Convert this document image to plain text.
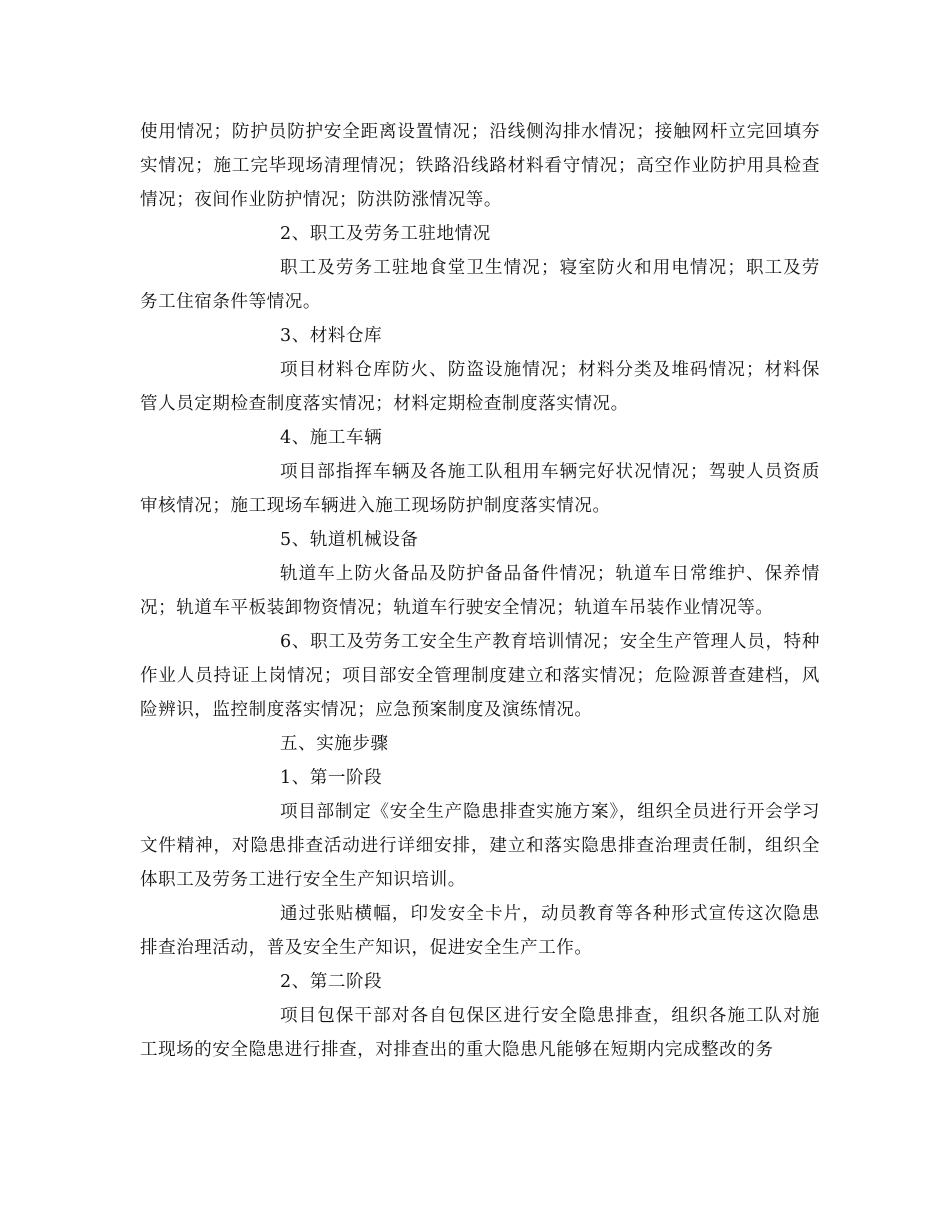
使用情况；防护员防护安全距离设置情况；沿线侧沟排水情况；接触网杆立完回填夯实情况；施工完毕现场清理情况；铁路沿线路材料看守情况；高空作业防护用具检查情况；夜间作业防护情况；防洪防涨情况等。

2、职工及劳务工驻地情况

职工及劳务工驻地食堂卫生情况；寝室防火和用电情况；职工及劳务工住宿条件等情况。

3、材料仓库

项目材料仓库防火、防盗设施情况；材料分类及堆码情况；材料保管人员定期检查制度落实情况；材料定期检查制度落实情况。

4、施工车辆

项目部指挥车辆及各施工队租用车辆完好状况情况；驾驶人员资质审核情况；施工现场车辆进入施工现场防护制度落实情况。

5、轨道机械设备

轨道车上防火备品及防护备品备件情况；轨道车日常维护、保养情况；轨道车平板装卸物资情况；轨道车行驶安全情况；轨道车吊装作业情况等。

6、职工及劳务工安全生产教育培训情况；安全生产管理人员，特种作业人员持证上岗情况；项目部安全管理制度建立和落实情况；危险源普查建档，风险辨识，监控制度落实情况；应急预案制度及演练情况。

五、实施步骤

1、第一阶段

项目部制定《安全生产隐患排查实施方案》，组织全员进行开会学习文件精神，对隐患排查活动进行详细安排，建立和落实隐患排查治理责任制，组织全体职工及劳务工进行安全生产知识培训。

通过张贴横幅，印发安全卡片，动员教育等各种形式宣传这次隐患排查治理活动，普及安全生产知识，促进安全生产工作。

2、第二阶段

项目包保干部对各自包保区进行安全隐患排查，组织各施工队对施工现场的安全隐患进行排查，对排查出的重大隐患凡能够在短期内完成整改的务
